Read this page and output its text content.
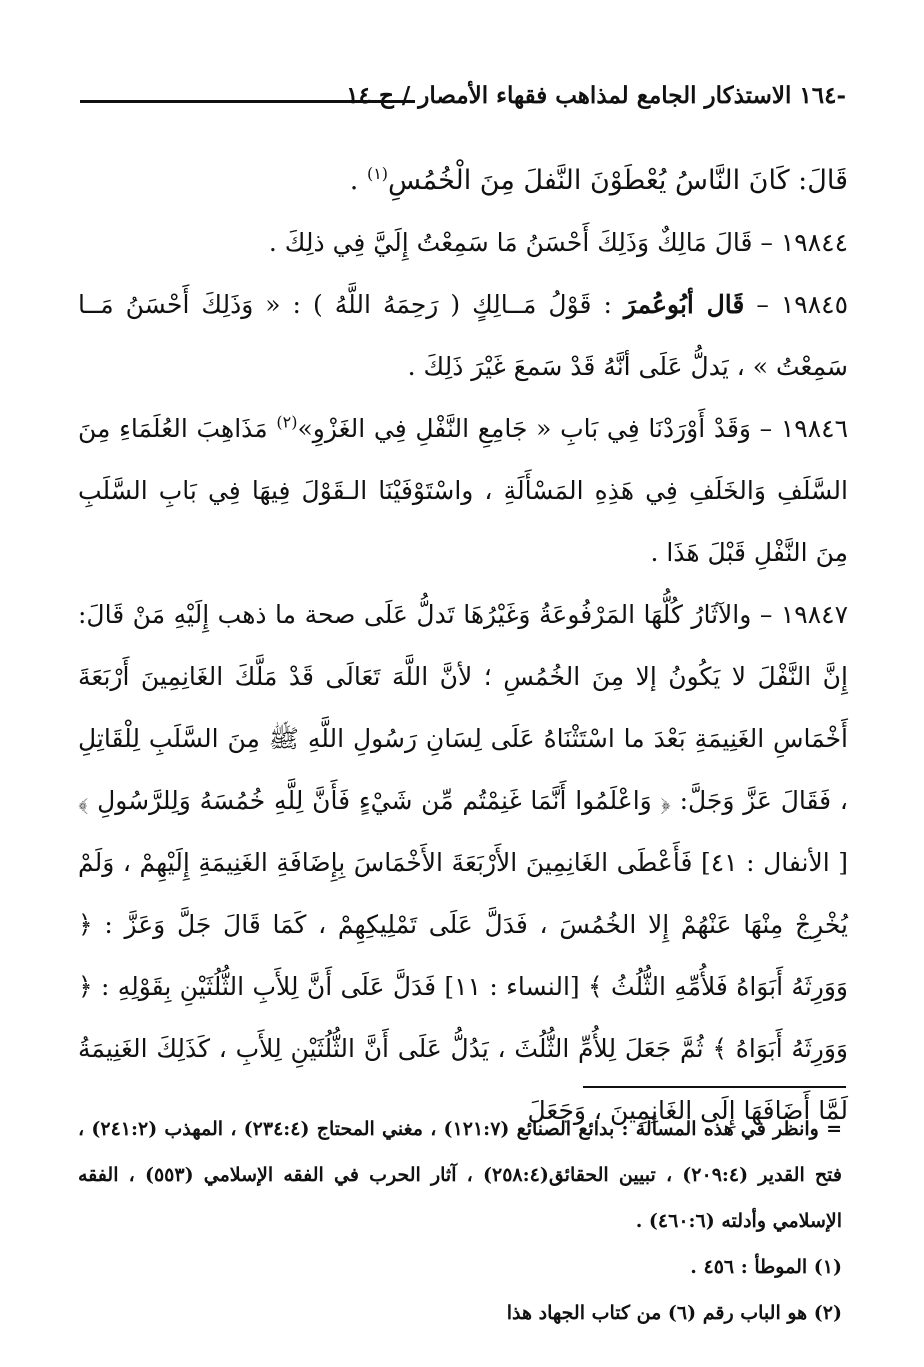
-١٦٤ الاستذكار الجامع لمذاهب فقهاء الأمصار / ج ١٤

قَالَ: كَانَ النَّاسُ يُعْطَوْنَ النَّفلَ مِنَ الْخُمُسِ$^{(١)}$ .

١٩٨٤٤ – قَالَ مَالِكٌ وَذَلِكَ أَحْسَنُ مَا سَمِعْتُ إِلَيَّ فِي ذلِكَ .

١٩٨٤٥ – قَال أبُوعُمرَ : قَوْلُ مَــالِكٍ ( رَحِمَهُ اللَّهُ ) : « وَذَلِكَ أَحْسَنُ مَــا سَمِعْتُ » ، يَدلُّ عَلَى أنَّهُ قَدْ سَمعَ غَيْرَ ذَلِكَ .

١٩٨٤٦ – وَقَدْ أَوْرَدْنَا فِي بَابِ « جَامِعِ النَّفْلِ فِي الغَزْوِ»$^{(٢)}$ مَذَاهِبَ العُلَمَاءِ مِنَ السَّلَفِ وَالخَلَفِ فِي هَذِهِ المَسْأَلَةِ ، واسْتَوْفَيْنَا الـقَوْلَ فِيهَا فِي بَابِ السَّلَبِ مِنَ النَّفْلِ قَبْلَ هَذَا .

١٩٨٤٧ – والآثَارُ كُلُّهَا المَرْفُوعَةُ وَغَيْرُهَا تَدلُّ عَلَى صحة ما ذهب إِلَيْهِ مَنْ قَالَ: إِنَّ النَّفْلَ لا يَكُونُ إلا مِنَ الخُمُسِ ؛ لأنَّ اللَّهَ تَعَالَى قَدْ مَلَّكَ الغَانِمِينَ أَرْبَعَةَ أَخْمَاسِ الغَنِيمَةِ بَعْدَ ما اسْتَثْنَاهُ عَلَى لِسَانِ رَسُولِ اللَّهِ ﷺ مِنَ السَّلَبِ لِلْقَاتِلِ ، فَقَالَ عَزَّ وَجَلَّ: ﴿ وَاعْلَمُوا أَنَّمَا غَنِمْتُم مِّن شَيْءٍ فَأَنَّ لِلَّهِ خُمُسَهُ وَلِلرَّسُولِ ﴾ [ الأنفال : ٤١] فَأَعْطَى الغَانِمِينَ الأَرْبَعَةَ الأَخْمَاسَ بِإِضَافَةِ الغَنِيمَةِ إِلَيْهِمْ ، وَلَمْ يُخْرِجْ مِنْهَا عَنْهُمْ إِلا الخُمُسَ ، فَدَلَّ عَلَى تَمْلِيكِهِمْ ، كَمَا قَالَ جَلَّ وَعَزَّ : ﴿ وَوَرِثَهُ أَبَوَاهُ فَلأُمِّهِ الثُّلُثُ ﴾ [النساء : ١١] فَدَلَّ عَلَى أَنَّ لِلأَبِ الثُّلُثَيْنِ بِقَوْلِهِ : ﴿ وَوَرِثَهُ أَبَوَاهُ ﴾ ثُمَّ جَعَلَ لِلأُمِّ الثُّلُثَ ، يَدُلُّ عَلَى أَنَّ الثُّلُثَيْنِ لِلأَبِ ، كَذَلِكَ الغَنِيمَةُ لَمَّا أَضَافَهَا إِلَى الغَانِمِينَ ، وَجَعَلَ

= وانظر في هذه المسألة : بدائع الصنائع (١٢١:٧) ، مغني المحتاج (٢٣٤:٤) ، المهذب (٢٤١:٢) ، فتح القدير (٢٠٩:٤) ، تبيين الحقائق(٢٥٨:٤) ، آثار الحرب في الفقه الإسلامي (٥٥٣) ، الفقه الإسلامي وأدلته (٤٦٠:٦) .

(١) الموطأ : ٤٥٦ .

(٢) هو الباب رقم (٦) من كتاب الجهاد هذا
